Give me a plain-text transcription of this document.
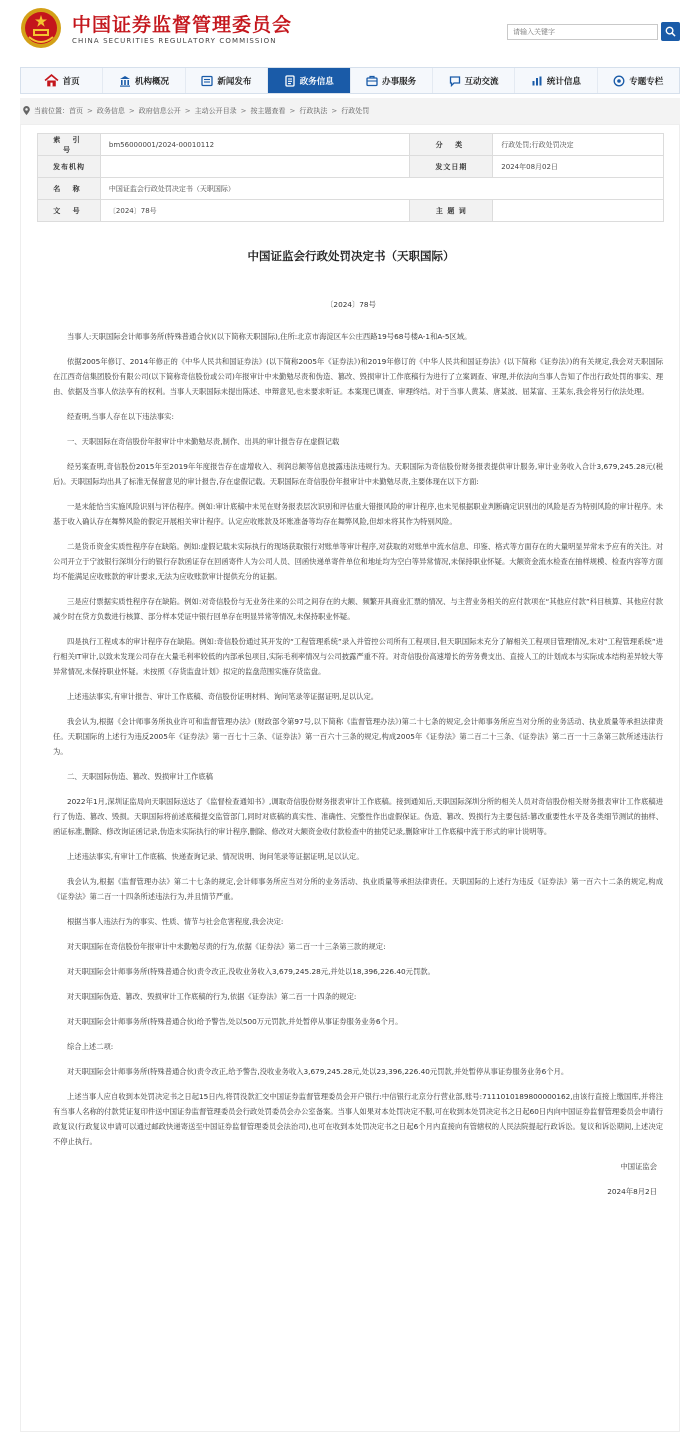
中国证券监督管理委员会
CHINA SECURITIES REGULATORY COMMISSION
请输入关键字
首页	机构概况	新闻发布	政务信息	办事服务	互动交流	统计信息	专题专栏
当前位置： 首页 > 政务信息 > 政府信息公开 > 主动公开目录 > 按主题查看 > 行政执法 > 行政处罚
索 引 号	bm56000001/2024-00010112	分 类	行政处罚;行政处罚决定
发布机构		发文日期	2024年08月02日
名 称	中国证监会行政处罚决定书（天职国际）		
文 号	〔2024〕78号	主 题 词	
中国证监会行政处罚决定书（天职国际）
〔2024〕78号

当事人:天职国际会计师事务所(特殊普通合伙)(以下简称天职国际),住所:北京市海淀区车公庄西路19号68号楼A-1和A-5区域。

依据2005年修订、2014年修正的《中华人民共和国证券法》(以下简称2005年《证券法》)和2019年修订的《中华人民共和国证券法》(以下简称《证券法》)的有关规定,我会对天职国际在江西奇信集团股份有限公司(以下简称奇信股份或公司)年报审计中未勤勉尽责和伪造、篡改、毁损审计工作底稿行为进行了立案调查、审理,并依法向当事人告知了作出行政处罚的事实、理由、依据及当事人依法享有的权利。当事人天职国际未提出陈述、申辩意见,也未要求听证。本案现已调查、审理终结。对于当事人黄某、唐某波、屈某富、王某东,我会将另行依法处理。

经查明,当事人存在以下违法事实:

一、天职国际在奇信股份年报审计中未勤勉尽责,制作、出具的审计报告存在虚假记载

经另案查明,奇信股份2015年至2019年年度报告存在虚增收入、利润总额等信息披露违法违规行为。天职国际为奇信股份财务报表提供审计服务,审计业务收入合计3,679,245.28元(税后)。天职国际均出具了标准无保留意见的审计报告,存在虚假记载。天职国际在奇信股份年报审计中未勤勉尽责,主要体现在以下方面:

一是未能恰当实施风险识别与评估程序。例如:审计底稿中未见在财务报表层次识别和评估重大错报风险的审计程序,也未见根据职业判断确定识别出的风险是否为特别风险的审计程序。未基于收入确认存在舞弊风险的假定开展相关审计程序。认定应收账款及坏账准备等均存在舞弊风险,但却未将其作为特别风险。

二是货币资金实质性程序存在缺陷。例如:虚假记载未实际执行的现场获取银行对账单等审计程序,对获取的对账单中流水信息、印鉴、格式等方面存在的大量明显异常未予应有的关注。对公司开立于宁波银行深圳分行的银行存款函证存在回函寄件人为公司人员、回函快递单寄件单位和地址均为空白等异常情况,未保持职业怀疑。大额资金流水检查在抽样规模、检查内容等方面均不能满足应收账款的审计要求,无法为应收账款审计提供充分的证据。

三是应付票据实质性程序存在缺陷。例如:对奇信股份与无业务往来的公司之间存在的大额、频繁开具商业汇票的情况、与主营业务相关的应付款项在“其他应付款”科目核算、其他应付款减少时在贷方负数进行核算、部分样本凭证中银行回单存在明显异常等情况,未保持职业怀疑。

四是执行工程成本的审计程序存在缺陷。例如:奇信股份通过其开发的“工程管理系统”录入并管控公司所有工程项目,但天职国际未充分了解相关工程项目管理情况,未对“工程管理系统”进行相关IT审计,以致未发现公司存在大量毛利率较低的内部承包项目,实际毛利率情况与公司披露严重不符。对奇信股份高速增长的劳务费支出、直接人工的计划成本与实际成本结构差异较大等异常情况,未保持职业怀疑。未按照《存货监盘计划》拟定的监盘范围实施存货监盘。

上述违法事实,有审计报告、审计工作底稿、奇信股份证明材料、询问笔录等证据证明,足以认定。

我会认为,根据《会计师事务所执业许可和监督管理办法》(财政部令第97号,以下简称《监督管理办法》)第二十七条的规定,会计师事务所应当对分所的业务活动、执业质量等承担法律责任。天职国际的上述行为违反2005年《证券法》第一百七十三条、《证券法》第一百六十三条的规定,构成2005年《证券法》第二百二十三条、《证券法》第二百一十三条第三款所述违法行为。

二、天职国际伪造、篡改、毁损审计工作底稿

2022年1月,深圳证监局向天职国际送达了《监督检查通知书》,调取奇信股份财务报表审计工作底稿。接到通知后,天职国际深圳分所的相关人员对奇信股份相关财务报表审计工作底稿进行了伪造、篡改、毁损。天职国际将前述底稿提交监管部门,同时对底稿的真实性、准确性、完整性作出虚假保证。伪造、篡改、毁损行为主要包括:篡改重要性水平及各类细节测试的抽样、函证标准,删除、修改询证函记录,伪造未实际执行的审计程序,删除、修改对大额资金收付款检查中的抽凭记录,删除审计工作底稿中流于形式的审计说明等。

上述违法事实,有审计工作底稿、快递查询记录、情况说明、询问笔录等证据证明,足以认定。

我会认为,根据《监督管理办法》第二十七条的规定,会计师事务所应当对分所的业务活动、执业质量等承担法律责任。天职国际的上述行为违反《证券法》第一百六十二条的规定,构成《证券法》第二百一十四条所述违法行为,并且情节严重。

根据当事人违法行为的事实、性质、情节与社会危害程度,我会决定:

对天职国际在奇信股份年报审计中未勤勉尽责的行为,依据《证券法》第二百一十三条第三款的规定:

对天职国际会计师事务所(特殊普通合伙)责令改正,没收业务收入3,679,245.28元,并处以18,396,226.40元罚款。

对天职国际伪造、篡改、毁损审计工作底稿的行为,依据《证券法》第二百一十四条的规定:

对天职国际会计师事务所(特殊普通合伙)给予警告,处以500万元罚款,并处暂停从事证券服务业务6个月。

综合上述二项:

对天职国际会计师事务所(特殊普通合伙)责令改正,给予警告,没收业务收入3,679,245.28元,处以23,396,226.40元罚款,并处暂停从事证券服务业务6个月。

上述当事人应自收到本处罚决定书之日起15日内,将罚没款汇交中国证券监督管理委员会开户银行:中信银行北京分行营业部,账号:7111010189800000162,由该行直接上缴国库,并将注有当事人名称的付款凭证复印件送中国证券监督管理委员会行政处罚委员会办公室备案。当事人如果对本处罚决定不服,可在收到本处罚决定书之日起60日内向中国证券监督管理委员会申请行政复议(行政复议申请可以通过邮政快递寄送至中国证券监督管理委员会法治司),也可在收到本处罚决定书之日起6个月内直接向有管辖权的人民法院提起行政诉讼。复议和诉讼期间,上述决定不停止执行。

中国证监会

2024年8月2日
